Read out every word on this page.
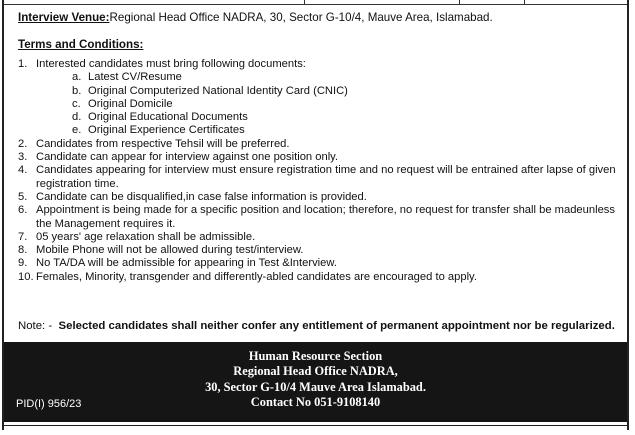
Interview Venue:Regional Head Office NADRA, 30, Sector G-10/4, Mauve Area, Islamabad.
Terms and Conditions:
1. Interested candidates must bring following documents:
a. Latest CV/Resume
b. Original Computerized National Identity Card (CNIC)
c. Original Domicile
d. Original Educational Documents
e. Original Experience Certificates
2. Candidates from respective Tehsil will be preferred.
3. Candidate can appear for interview against one position only.
4. Candidates appearing for interview must ensure registration time and no request will be entrained after lapse of given registration time.
5. Candidate can be disqualified,in case false information is provided.
6. Appointment is being made for a specific position and location; therefore, no request for transfer shall be madeunless the Management requires it.
7. 05 years' age relaxation shall be admissible.
8. Mobile Phone will not be allowed during test/interview.
9. No TA/DA will be admissible for appearing in Test &Interview.
10. Females, Minority, transgender and differently-abled candidates are encouraged to apply.
Note: - Selected candidates shall neither confer any entitlement of permanent appointment nor be regularized.
Human Resource Section
Regional Head Office NADRA,
30, Sector G-10/4 Mauve Area Islamabad.
Contact No 051-9108140
PID(I) 956/23
